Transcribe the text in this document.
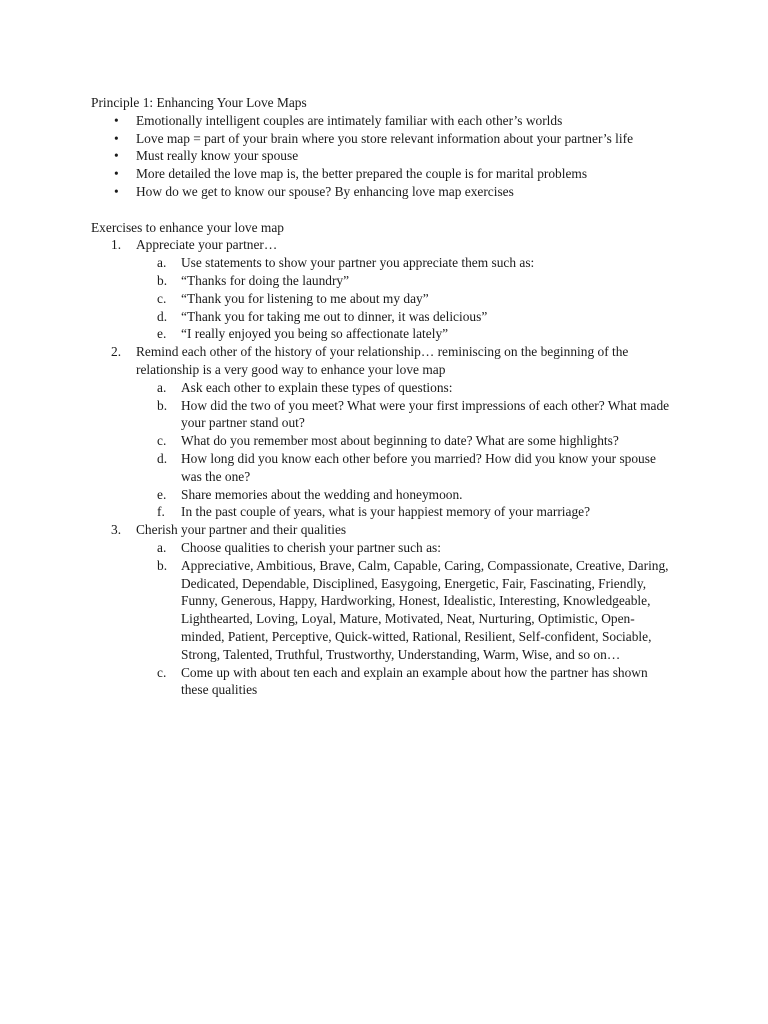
Principle 1: Enhancing Your Love Maps
•	Emotionally intelligent couples are intimately familiar with each other’s worlds
•	Love map = part of your brain where you store relevant information about your partner’s life
•	Must really know your spouse
•	More detailed the love map is, the better prepared the couple is for marital problems
•	How do we get to know our spouse? By enhancing love map exercises
Exercises to enhance your love map
1.	Appreciate your partner…
a.	Use statements to show your partner you appreciate them such as:
b.	“Thanks for doing the laundry”
c.	“Thank you for listening to me about my day”
d.	“Thank you for taking me out to dinner, it was delicious”
e.	“I really enjoyed you being so affectionate lately”
2.	Remind each other of the history of your relationship… reminiscing on the beginning of the relationship is a very good way to enhance your love map
a.	Ask each other to explain these types of questions:
b.	How did the two of you meet? What were your first impressions of each other? What made your partner stand out?
c.	What do you remember most about beginning to date? What are some highlights?
d.	How long did you know each other before you married? How did you know your spouse was the one?
e.	Share memories about the wedding and honeymoon.
f.	In the past couple of years, what is your happiest memory of your marriage?
3.	Cherish your partner and their qualities
a.	Choose qualities to cherish your partner such as:
b.	Appreciative, Ambitious, Brave, Calm, Capable, Caring, Compassionate, Creative, Daring, Dedicated, Dependable, Disciplined, Easygoing, Energetic, Fair, Fascinating, Friendly, Funny, Generous, Happy, Hardworking, Honest, Idealistic, Interesting, Knowledgeable, Lighthearted, Loving, Loyal, Mature, Motivated, Neat, Nurturing, Optimistic, Open-minded, Patient, Perceptive, Quick-witted, Rational, Resilient, Self-confident, Sociable, Strong, Talented, Truthful, Trustworthy, Understanding, Warm, Wise, and so on…
c.	Come up with about ten each and explain an example about how the partner has shown these qualities
